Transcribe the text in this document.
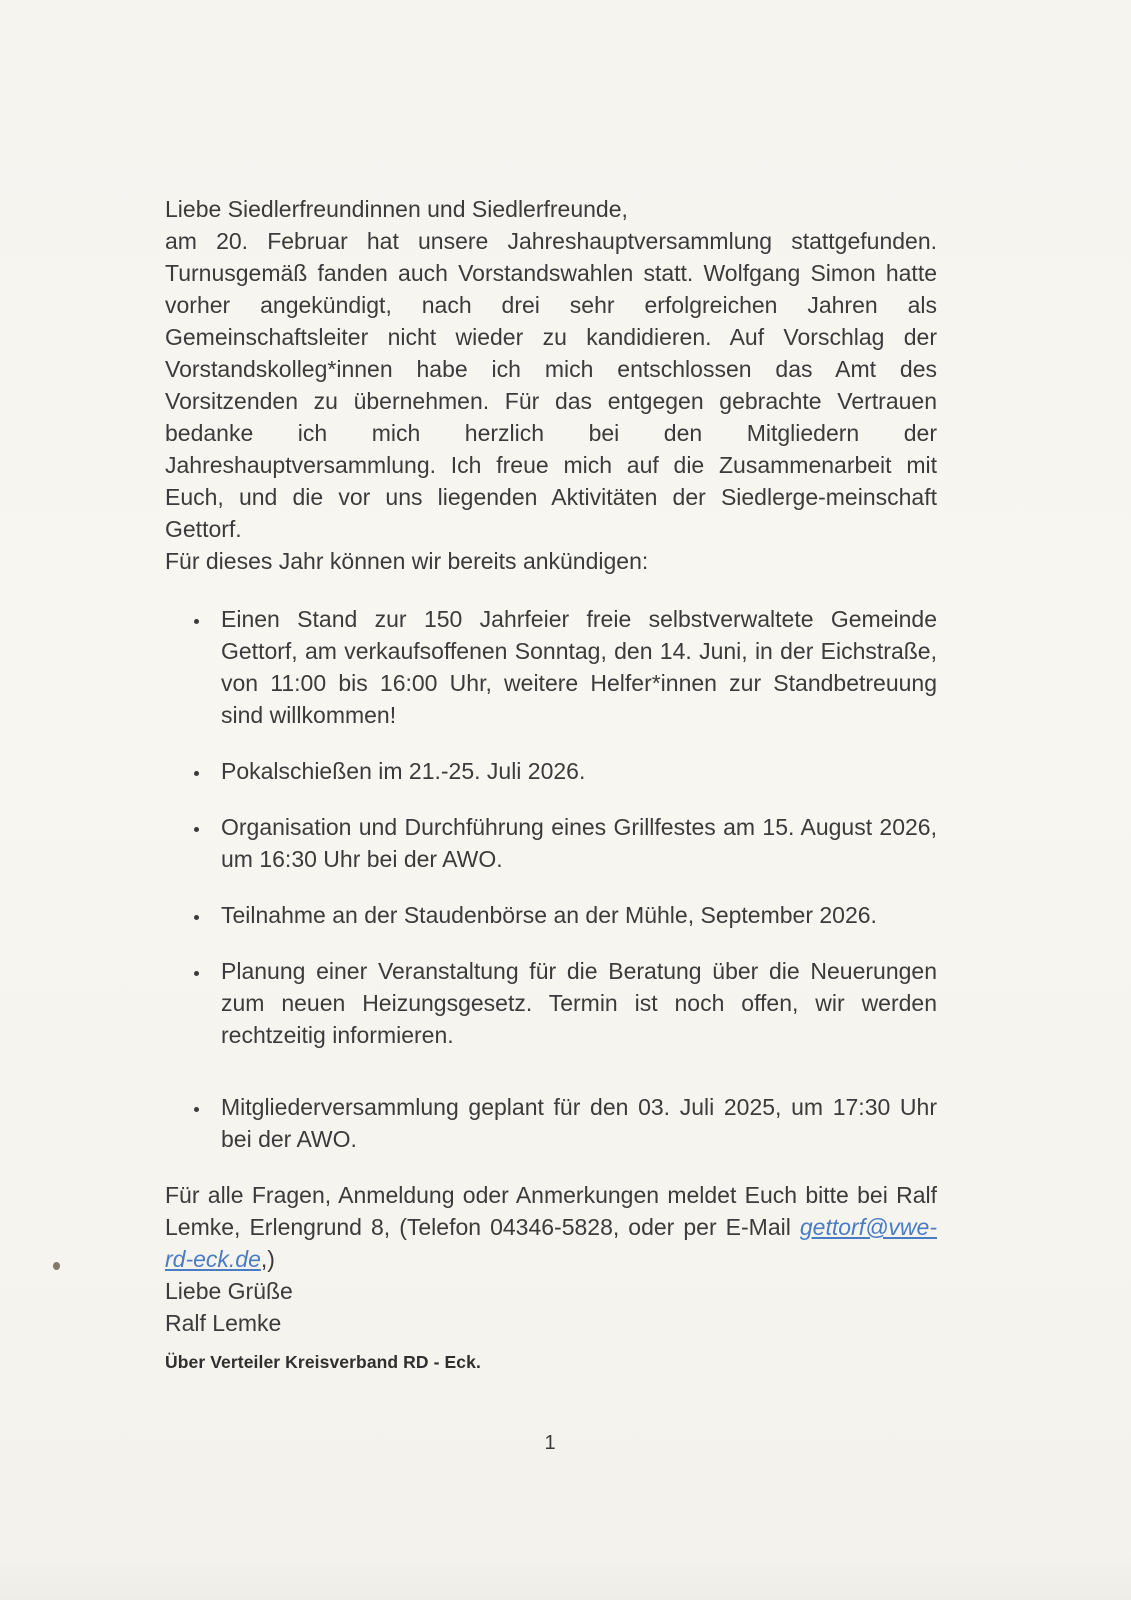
Liebe Siedlerfreundinnen und Siedlerfreunde,

am 20. Februar hat unsere Jahreshauptversammlung stattgefunden. Turnusgemäß fanden auch Vorstandswahlen statt. Wolfgang Simon hatte vorher angekündigt, nach drei sehr erfolgreichen Jahren als Gemeinschaftsleiter nicht wieder zu kandidieren. Auf Vorschlag der Vorstandskolleg*innen habe ich mich entschlossen das Amt des Vorsitzenden zu übernehmen. Für das entgegen gebrachte Vertrauen bedanke ich mich herzlich bei den Mitgliedern der Jahreshauptversammlung. Ich freue mich auf die Zusammenarbeit mit Euch, und die vor uns liegenden Aktivitäten der Siedlerge-meinschaft Gettorf.

Für dieses Jahr können wir bereits ankündigen:

• Einen Stand zur 150 Jahrfeier freie selbstverwaltete Gemeinde Gettorf, am verkaufsoffenen Sonntag, den 14. Juni, in der Eichstraße, von 11:00 bis 16:00 Uhr, weitere Helfer*innen zur Standbetreuung sind willkommen!
• Pokalschießen im 21.-25. Juli 2026.
• Organisation und Durchführung eines Grillfestes am 15. August 2026, um 16:30 Uhr bei der AWO.
• Teilnahme an der Staudenbörse an der Mühle, September 2026.
• Planung einer Veranstaltung für die Beratung über die Neuerungen zum neuen Heizungsgesetz. Termin ist noch offen, wir werden rechtzeitig informieren.
• Mitgliederversammlung geplant für den 03. Juli 2025, um 17:30 Uhr bei der AWO.

Für alle Fragen, Anmeldung oder Anmerkungen meldet Euch bitte bei Ralf Lemke, Erlengrund 8, (Telefon 04346-5828, oder per E-Mail gettorf@vwe-rd-eck.de,)

Liebe Grüße

Ralf Lemke

Über Verteiler Kreisverband RD - Eck.
1
